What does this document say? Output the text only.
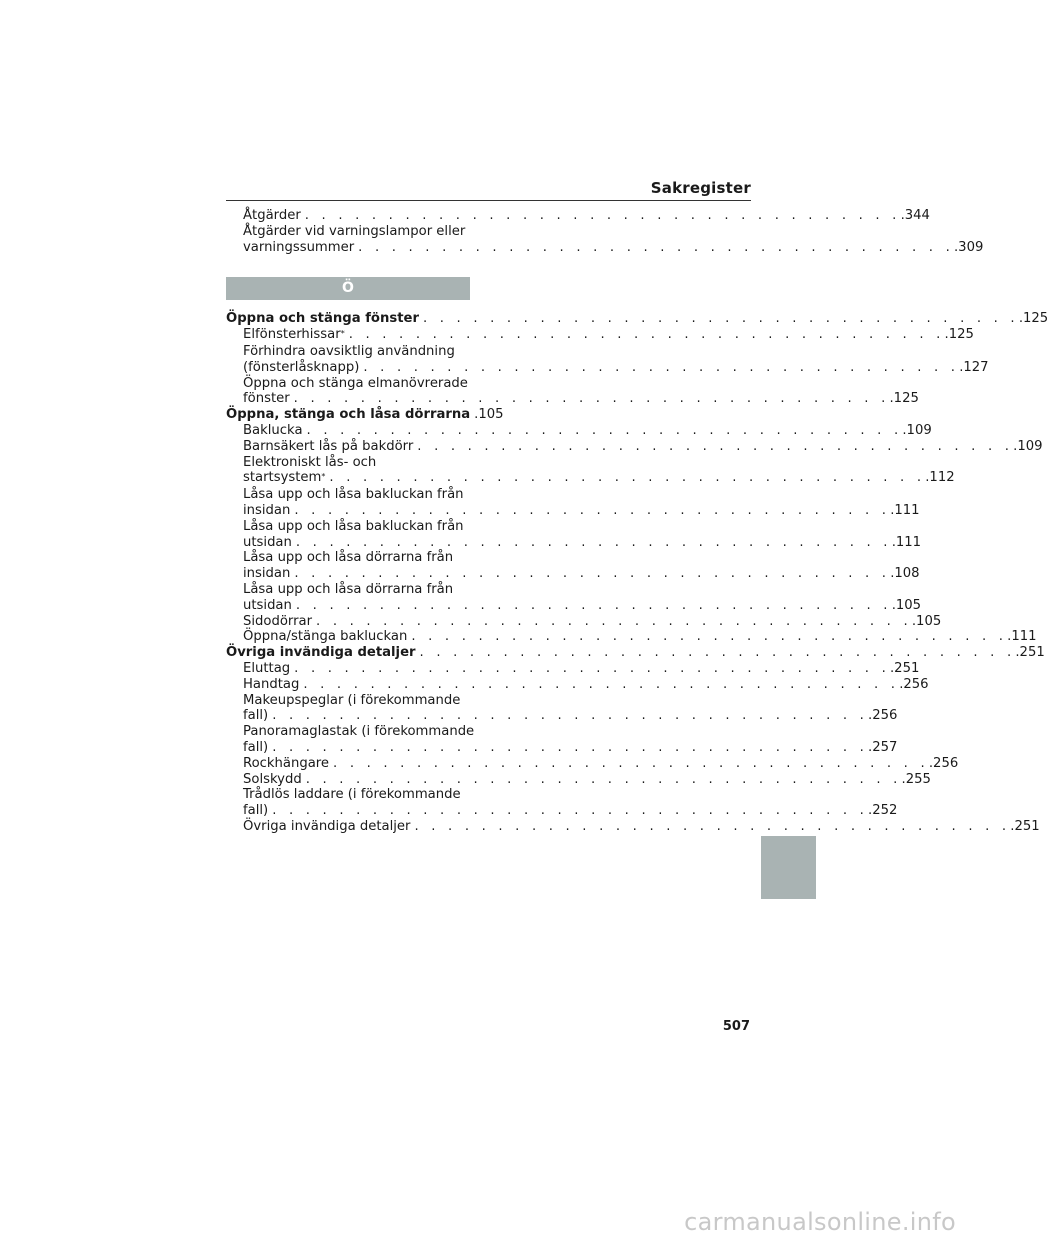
Sakregister
Åtgärder . . . . . . . . . . . . . . . . . . . . . . . . . . . . . . . . . . . . .344
Åtgärder vid varningslampor eller
varningssummer . . . . . . . . . . . . . . . . . . . . . . . . . . . . . . . . . . . . .309
Ö
Öppna och stänga fönster . . . . . . . . . . . . . . . . . . . . . . . . . . . . . . . . . . . . .125
Elfönsterhissar* . . . . . . . . . . . . . . . . . . . . . . . . . . . . . . . . . . . . .125
Förhindra oavsiktlig användning
(fönsterlåsknapp) . . . . . . . . . . . . . . . . . . . . . . . . . . . . . . . . . . . . .127
Öppna och stänga elmanövrerade
fönster . . . . . . . . . . . . . . . . . . . . . . . . . . . . . . . . . . . . .125
Öppna, stänga och låsa dörrarna .105
Baklucka . . . . . . . . . . . . . . . . . . . . . . . . . . . . . . . . . . . . .109
Barnsäkert lås på bakdörr . . . . . . . . . . . . . . . . . . . . . . . . . . . . . . . . . . . . .109
Elektroniskt lås- och
startsystem* . . . . . . . . . . . . . . . . . . . . . . . . . . . . . . . . . . . . .112
Låsa upp och låsa bakluckan från
insidan . . . . . . . . . . . . . . . . . . . . . . . . . . . . . . . . . . . . .111
Låsa upp och låsa bakluckan från
utsidan . . . . . . . . . . . . . . . . . . . . . . . . . . . . . . . . . . . . .111
Låsa upp och låsa dörrarna från
insidan . . . . . . . . . . . . . . . . . . . . . . . . . . . . . . . . . . . . .108
Låsa upp och låsa dörrarna från
utsidan . . . . . . . . . . . . . . . . . . . . . . . . . . . . . . . . . . . . .105
Sidodörrar . . . . . . . . . . . . . . . . . . . . . . . . . . . . . . . . . . . . .105
Öppna/stänga bakluckan . . . . . . . . . . . . . . . . . . . . . . . . . . . . . . . . . . . . .111
Övriga invändiga detaljer . . . . . . . . . . . . . . . . . . . . . . . . . . . . . . . . . . . . .251
Eluttag . . . . . . . . . . . . . . . . . . . . . . . . . . . . . . . . . . . . .251
Handtag . . . . . . . . . . . . . . . . . . . . . . . . . . . . . . . . . . . . .256
Makeupspeglar (i förekommande
fall) . . . . . . . . . . . . . . . . . . . . . . . . . . . . . . . . . . . . .256
Panoramaglastak (i förekommande
fall) . . . . . . . . . . . . . . . . . . . . . . . . . . . . . . . . . . . . .257
Rockhängare . . . . . . . . . . . . . . . . . . . . . . . . . . . . . . . . . . . . .256
Solskydd . . . . . . . . . . . . . . . . . . . . . . . . . . . . . . . . . . . . .255
Trådlös laddare (i förekommande
fall) . . . . . . . . . . . . . . . . . . . . . . . . . . . . . . . . . . . . .252
Övriga invändiga detaljer . . . . . . . . . . . . . . . . . . . . . . . . . . . . . . . . . . . . .251
507
carmanualsonline.info
